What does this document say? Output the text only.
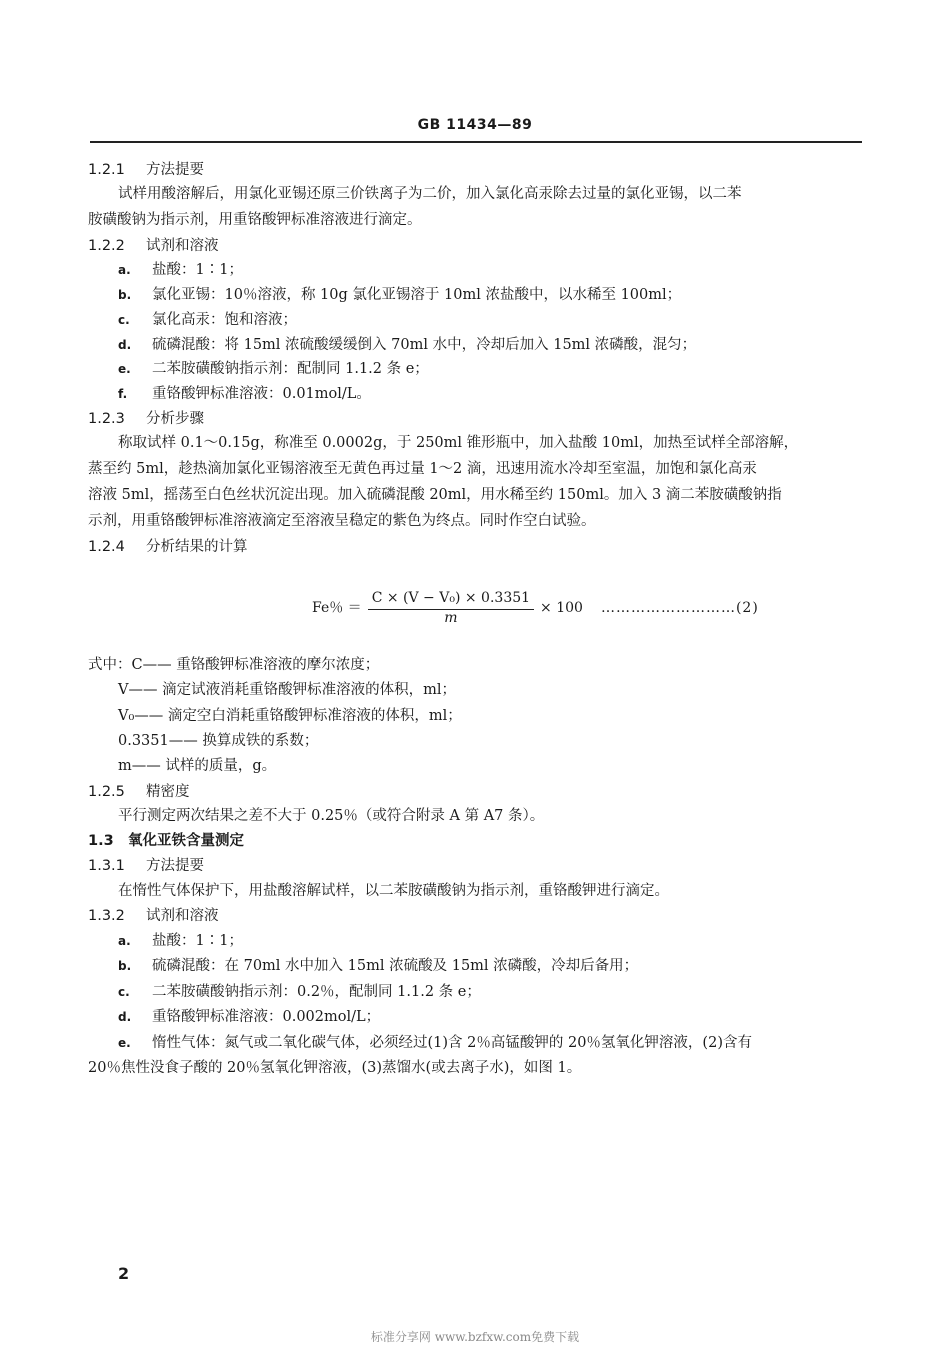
GB 11434—89
1.2.1 方法提要
试样用酸溶解后，用氯化亚锡还原三价铁离子为二价，加入氯化高汞除去过量的氯化亚锡，以二苯
胺磺酸钠为指示剂，用重铬酸钾标准溶液进行滴定。
1.2.2 试剂和溶液
a. 盐酸：1∶1；
b. 氯化亚锡：10％溶液，称 10g 氯化亚锡溶于 10ml 浓盐酸中，以水稀至 100ml；
c. 氯化高汞：饱和溶液；
d. 硫磷混酸：将 15ml 浓硫酸缓缓倒入 70ml 水中，冷却后加入 15ml 浓磷酸，混匀；
e. 二苯胺磺酸钠指示剂：配制同 1.1.2 条 e；
f. 重铬酸钾标准溶液：0.01mol/L。
1.2.3 分析步骤
称取试样 0.1～0.15g，称准至 0.0002g，于 250ml 锥形瓶中，加入盐酸 10ml，加热至试样全部溶解，
蒸至约 5ml，趁热滴加氯化亚锡溶液至无黄色再过量 1～2 滴，迅速用流水冷却至室温，加饱和氯化高汞
溶液 5ml，摇荡至白色丝状沉淀出现。加入硫磷混酸 20ml，用水稀至约 150ml。加入 3 滴二苯胺磺酸钠指
示剂，用重铬酸钾标准溶液滴定至溶液呈稳定的紫色为终点。同时作空白试验。
1.2.4 分析结果的计算
Fe％ ＝ $\frac{\text{C × (V − V₀) × 0.3351}}{m} \times 100$ ………………………(2)
式中：C—— 重铬酸钾标准溶液的摩尔浓度；
V—— 滴定试液消耗重铬酸钾标准溶液的体积，ml；
V₀—— 滴定空白消耗重铬酸钾标准溶液的体积，ml；
0.3351—— 换算成铁的系数；
m—— 试样的质量，g。
1.2.5 精密度
平行测定两次结果之差不大于 0.25％（或符合附录 A 第 A7 条）。
1.3 氧化亚铁含量测定
1.3.1 方法提要
在惰性气体保护下，用盐酸溶解试样，以二苯胺磺酸钠为指示剂，重铬酸钾进行滴定。
1.3.2 试剂和溶液
a. 盐酸：1∶1；
b. 硫磷混酸：在 70ml 水中加入 15ml 浓硫酸及 15ml 浓磷酸，冷却后备用；
c. 二苯胺磺酸钠指示剂：0.2％，配制同 1.1.2 条 e；
d. 重铬酸钾标准溶液：0.002mol/L；
e. 惰性气体：氮气或二氧化碳气体，必须经过(1)含 2％高锰酸钾的 20％氢氧化钾溶液，(2)含有
20％焦性没食子酸的 20％氢氧化钾溶液，(3)蒸馏水(或去离子水)，如图 1。
2
标准分享网 www.bzfxw.com免费下载
